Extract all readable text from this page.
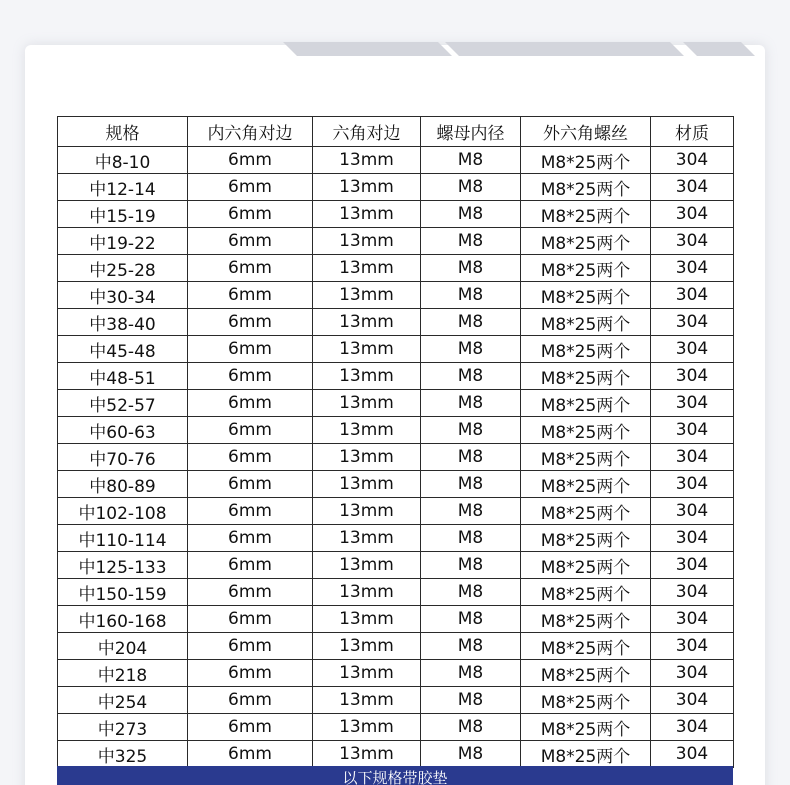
规格	内六角对边	六角对边	螺母内径	外六角螺丝	材质
中8-10	6mm	13mm	M8	M8*25两个	304
中12-14	6mm	13mm	M8	M8*25两个	304
中15-19	6mm	13mm	M8	M8*25两个	304
中19-22	6mm	13mm	M8	M8*25两个	304
中25-28	6mm	13mm	M8	M8*25两个	304
中30-34	6mm	13mm	M8	M8*25两个	304
中38-40	6mm	13mm	M8	M8*25两个	304
中45-48	6mm	13mm	M8	M8*25两个	304
中48-51	6mm	13mm	M8	M8*25两个	304
中52-57	6mm	13mm	M8	M8*25两个	304
中60-63	6mm	13mm	M8	M8*25两个	304
中70-76	6mm	13mm	M8	M8*25两个	304
中80-89	6mm	13mm	M8	M8*25两个	304
中102-108	6mm	13mm	M8	M8*25两个	304
中110-114	6mm	13mm	M8	M8*25两个	304
中125-133	6mm	13mm	M8	M8*25两个	304
中150-159	6mm	13mm	M8	M8*25两个	304
中160-168	6mm	13mm	M8	M8*25两个	304
中204	6mm	13mm	M8	M8*25两个	304
中218	6mm	13mm	M8	M8*25两个	304
中254	6mm	13mm	M8	M8*25两个	304
中273	6mm	13mm	M8	M8*25两个	304
中325	6mm	13mm	M8	M8*25两个	304
以下规格带胶垫
